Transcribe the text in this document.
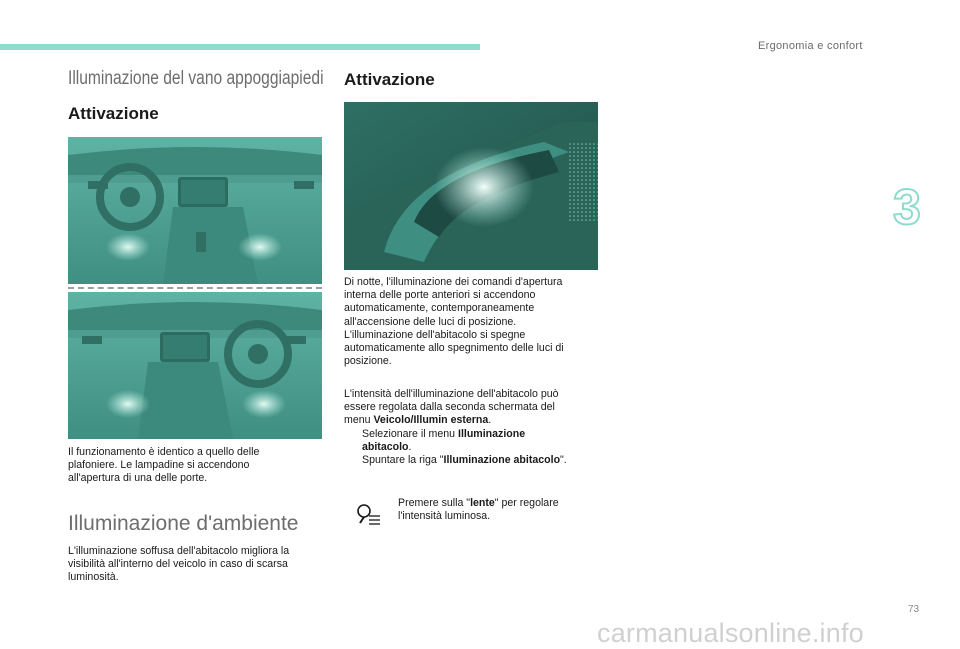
Ergonomia e confort
3
73
Illuminazione del vano appoggiapiedi
Attivazione
Il funzionamento è identico a quello delle
plafoniere. Le lampadine si accendono
all'apertura di una delle porte.
Illuminazione d'ambiente
L'illuminazione soffusa dell'abitacolo migliora la
visibilità all'interno del veicolo in caso di scarsa
luminosità.
Attivazione
Di notte, l'illuminazione dei comandi d'apertura
interna delle porte anteriori si accendono
automaticamente, contemporaneamente
all'accensione delle luci di posizione.
L'illuminazione dell'abitacolo si spegne
automaticamente allo spegnimento delle luci di
posizione.
L'intensità dell'illuminazione dell'abitacolo può
essere regolata dalla seconda schermata del
menu Veicolo/Illumin esterna.
Selezionare il menu Illuminazione
abitacolo.
Spuntare la riga "Illuminazione abitacolo".
Premere sulla "lente" per regolare
l'intensità luminosa.
carmanualsonline.info
